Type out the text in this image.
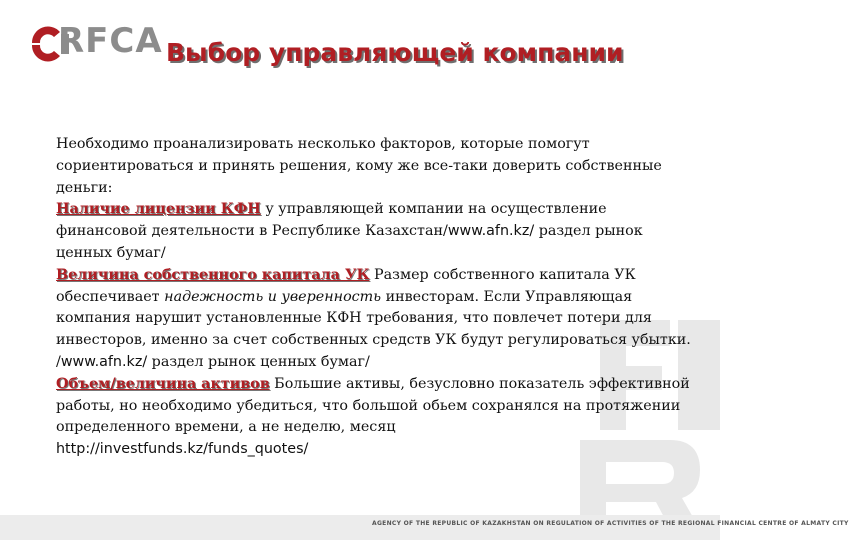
RFCA Выбор управляющей компании

Необходимо проанализировать несколько факторов, которые помогут сориентироваться и принять решения, кому же все-таки доверить собственные деньги:

Наличие лицензии КФН у управляющей компании на осуществление финансовой деятельности в Республике Казахстан/www.afn.kz/ раздел рынок ценных бумаг/

Величина собственного капитала УК Размер собственного капитала УК обеспечивает надежность и уверенность инвесторам. Если Управляющая компания нарушит установленные КФН требования, что повлечет потери для инвесторов, именно за счет собственных средств УК будут регулироваться убытки. /www.afn.kz/ раздел рынок ценных бумаг/

Объем/величина активов Большие активы, безусловно показатель эффективной работы, но необходимо убедиться, что большой обьем сохранялся на протяжении определенного времени, а не неделю, месяц

http://investfunds.kz/funds_quotes/

AGENCY OF THE REPUBLIC OF KAZAKHSTAN ON REGULATION OF ACTIVITIES OF THE REGIONAL FINANCIAL CENTRE OF ALMATY CITY
